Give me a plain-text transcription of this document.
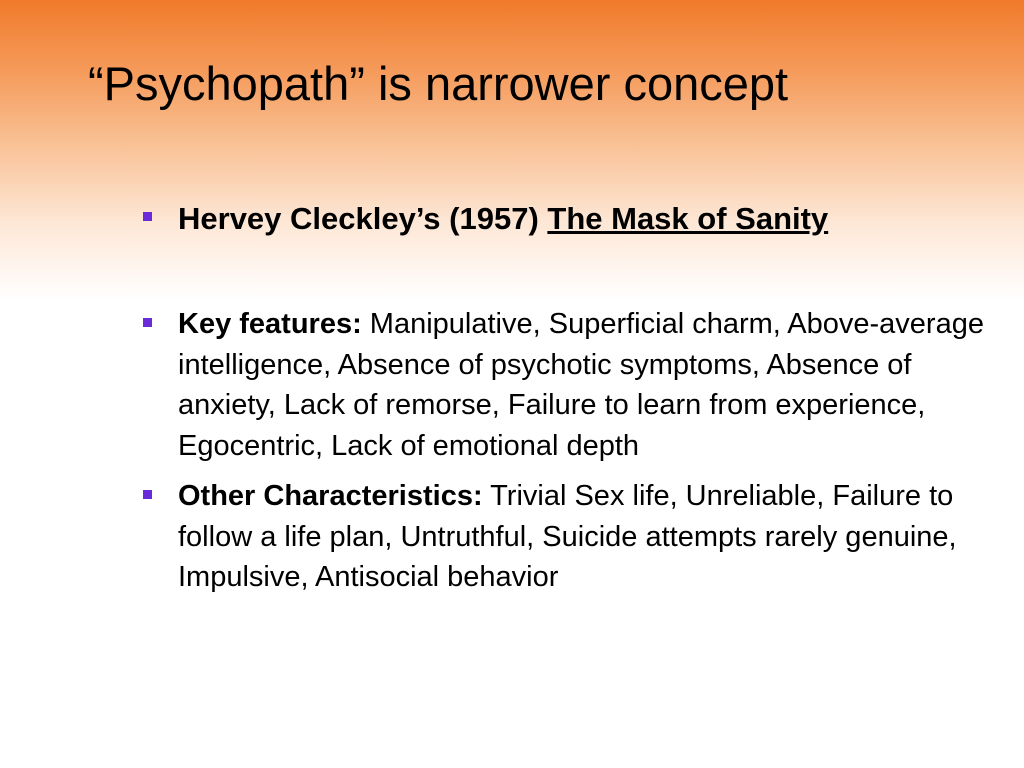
“Psychopath” is narrower concept
Hervey Cleckley’s (1957) The Mask of Sanity
Key features: Manipulative, Superficial charm, Above-average intelligence, Absence of psychotic symptoms, Absence of anxiety, Lack of remorse, Failure to learn from experience, Egocentric, Lack of emotional depth
Other Characteristics: Trivial Sex life, Unreliable, Failure to follow a life plan, Untruthful, Suicide attempts rarely genuine, Impulsive, Antisocial behavior
